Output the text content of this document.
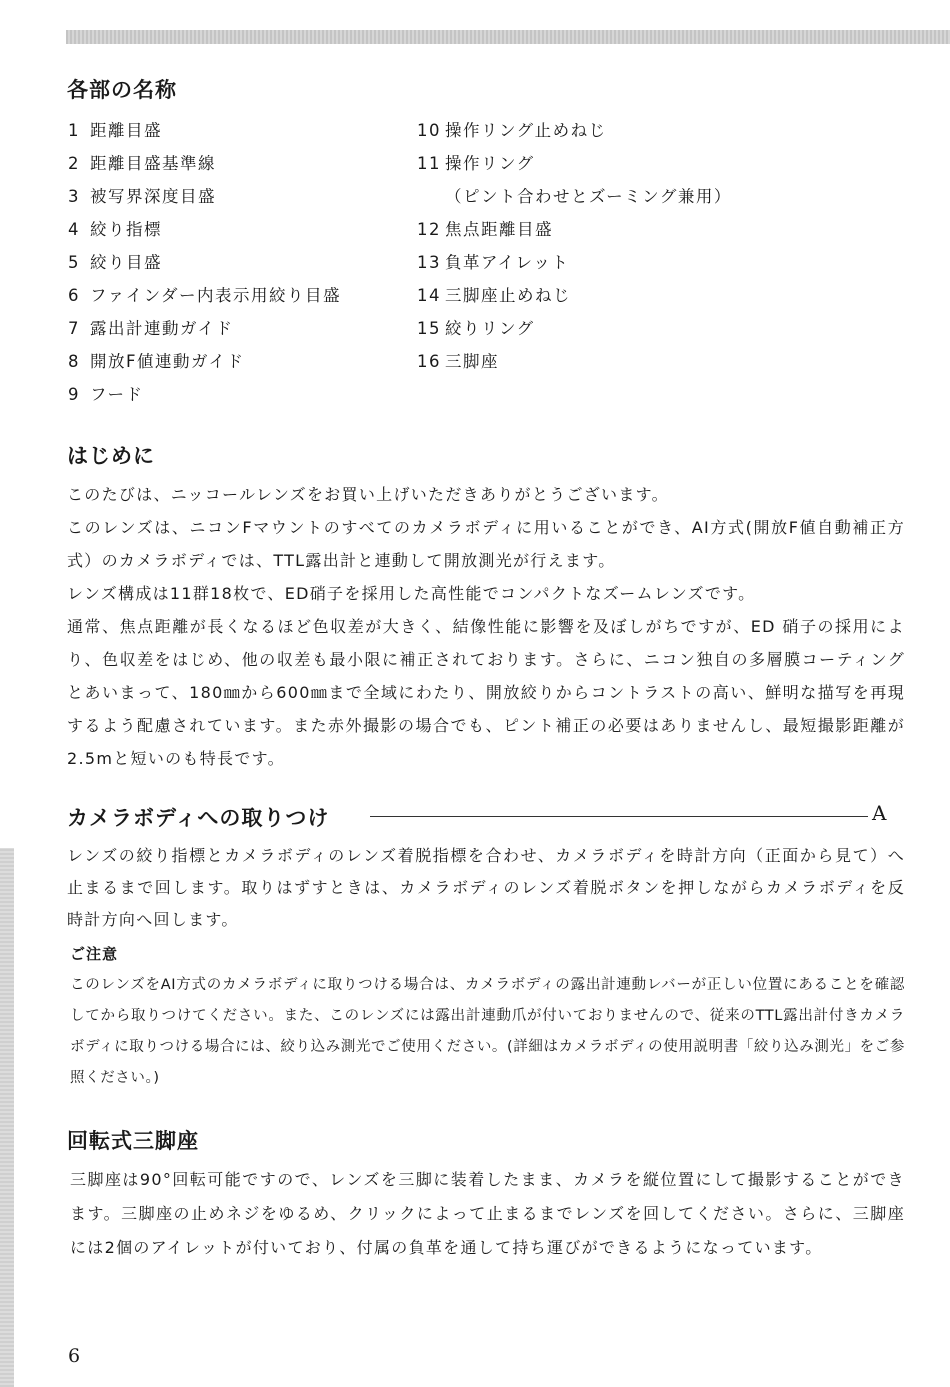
各部の名称
1 距離目盛
2 距離目盛基準線
3 被写界深度目盛
4 絞り指標
5 絞り目盛
6 ファインダー内表示用絞り目盛
7 露出計連動ガイド
8 開放F値連動ガイド
9 フード
10 操作リング止めねじ
11 操作リング
（ピント合わせとズーミング兼用）
12 焦点距離目盛
13 負革アイレット
14 三脚座止めねじ
15 絞りリング
16 三脚座
はじめに

このたびは、ニッコールレンズをお買い上げいただきありがとうございます。

このレンズは、ニコンFマウントのすべてのカメラボディに用いることができ、AI方式(開放F値自動補正方式）のカメラボディでは、TTL露出計と連動して開放測光が行えます。

レンズ構成は11群18枚で、ED硝子を採用した高性能でコンパクトなズームレンズです。

通常、焦点距離が長くなるほど色収差が大きく、結像性能に影響を及ぼしがちですが、ED 硝子の採用により、色収差をはじめ、他の収差も最小限に補正されております。さらに、ニコン独自の多層膜コーティングとあいまって、180㎜から600㎜まで全域にわたり、開放絞りからコントラストの高い、鮮明な描写を再現するよう配慮されています。また赤外撮影の場合でも、ピント補正の必要はありませんし、最短撮影距離が2.5mと短いのも特長です。

カメラボディへの取りつけ	A

レンズの絞り指標とカメラボディのレンズ着脱指標を合わせ、カメラボディを時計方向（正面から見て）へ止まるまで回します。取りはずすときは、カメラボディのレンズ着脱ボタンを押しながらカメラボディを反時計方向へ回します。

ご注意

このレンズをAI方式のカメラボディに取りつける場合は、カメラボディの露出計連動レバーが正しい位置にあることを確認してから取りつけてください。また、このレンズには露出計連動爪が付いておりませんので、従来のTTL露出計付きカメラボディに取りつける場合には、絞り込み測光でご使用ください。(詳細はカメラボディの使用説明書「絞り込み測光」をご参照ください。)

回転式三脚座

三脚座は90°回転可能ですので、レンズを三脚に装着したまま、カメラを縦位置にして撮影することができます。三脚座の止めネジをゆるめ、クリックによって止まるまでレンズを回してください。さらに、三脚座には2個のアイレットが付いており、付属の負革を通して持ち運びができるようになっています。

6
